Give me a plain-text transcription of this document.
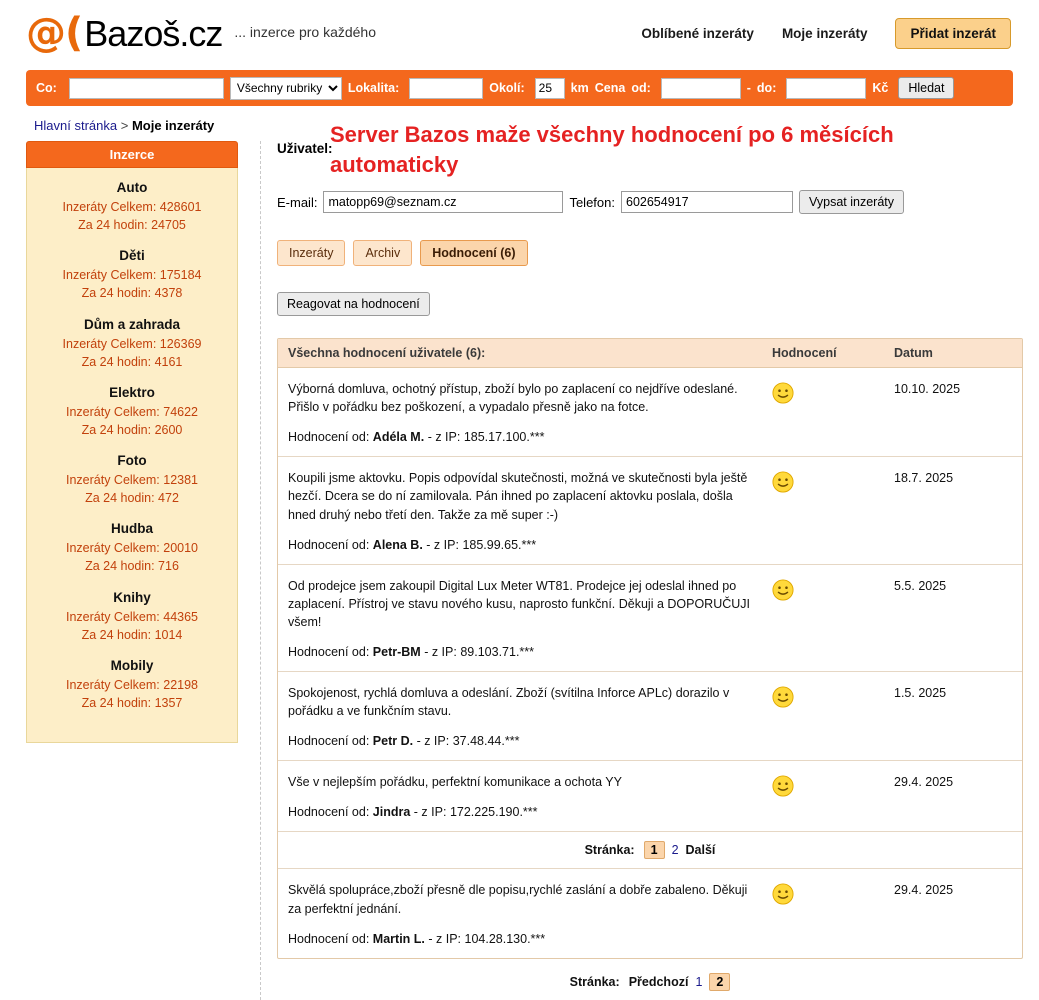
@( Bazoš .cz ... inzerce pro každého	Oblíbené inzeráty Moje inzeráty	Přidat inzerát
Co:
Všechny rubriky	Lokalita:	Okolí:
25	km Cena od:	- do:	Kč	Hledat
Hlavní stránka > Moje inzeráty	Server Bazos maže všechny hodnocení po 6 měsících automaticky
Inzerce
Auto
Inzeráty Celkem: 428601
Za 24 hodin: 24705
Děti
Inzeráty Celkem: 175184
Za 24 hodin: 4378
Dům a zahrada
Inzeráty Celkem: 126369
Za 24 hodin: 4161
Elektro
Inzeráty Celkem: 74622
Za 24 hodin: 2600
Foto
Inzeráty Celkem: 12381
Za 24 hodin: 472
Hudba
Inzeráty Celkem: 20010
Za 24 hodin: 716
Knihy
Inzeráty Celkem: 44365
Za 24 hodin: 1014
Mobily
Inzeráty Celkem: 22198
Za 24 hodin: 1357
Uživatel:
E-mail:
matopp69@seznam.cz	Telefon:
602654917	Vypsat inzeráty
Inzeráty	Archiv	Hodnocení (6)
Reagovat na hodnocení
Všechna hodnocení uživatele (6):	Hodnocení	Datum
Výborná domluva, ochotný přístup, zboží bylo po zaplacení co nejdříve odeslané. Přišlo v pořádku bez poškození, a vypadalo přesně jako na fotce.
Hodnocení od: Adéla M. - z IP: 185.17.100.***
10.10. 2025
Koupili jsme aktovku. Popis odpovídal skutečnosti, možná ve skutečnosti byla ještě hezčí. Dcera se do ní zamilovala. Pán ihned po zaplacení aktovku poslala, došla hned druhý nebo třetí den. Takže za mě super :-)
Hodnocení od: Alena B. - z IP: 185.99.65.***
18.7. 2025
Od prodejce jsem zakoupil Digital Lux Meter WT81. Prodejce jej odeslal ihned po zaplacení. Přístroj ve stavu nového kusu, naprosto funkční. Děkuji a DOPORUČUJI všem!
Hodnocení od: Petr-BM - z IP: 89.103.71.***
5.5. 2025
Spokojenost, rychlá domluva a odeslání. Zboží (svítilna Inforce APLc) dorazilo v pořádku a ve funkčním stavu.
Hodnocení od: Petr D. - z IP: 37.48.44.***
1.5. 2025
Vše v nejlepším pořádku, perfektní komunikace a ochota YY
Hodnocení od: Jindra - z IP: 172.225.190.***
29.4. 2025
Stránka:	1	2 Další
Skvělá spolupráce,zboží přesně dle popisu,rychlé zaslání a dobře zabaleno. Děkuji za perfektní jednání.
Hodnocení od: Martin L. - z IP: 104.28.130.***
29.4. 2025
Stránka: Předchozí 1	2
